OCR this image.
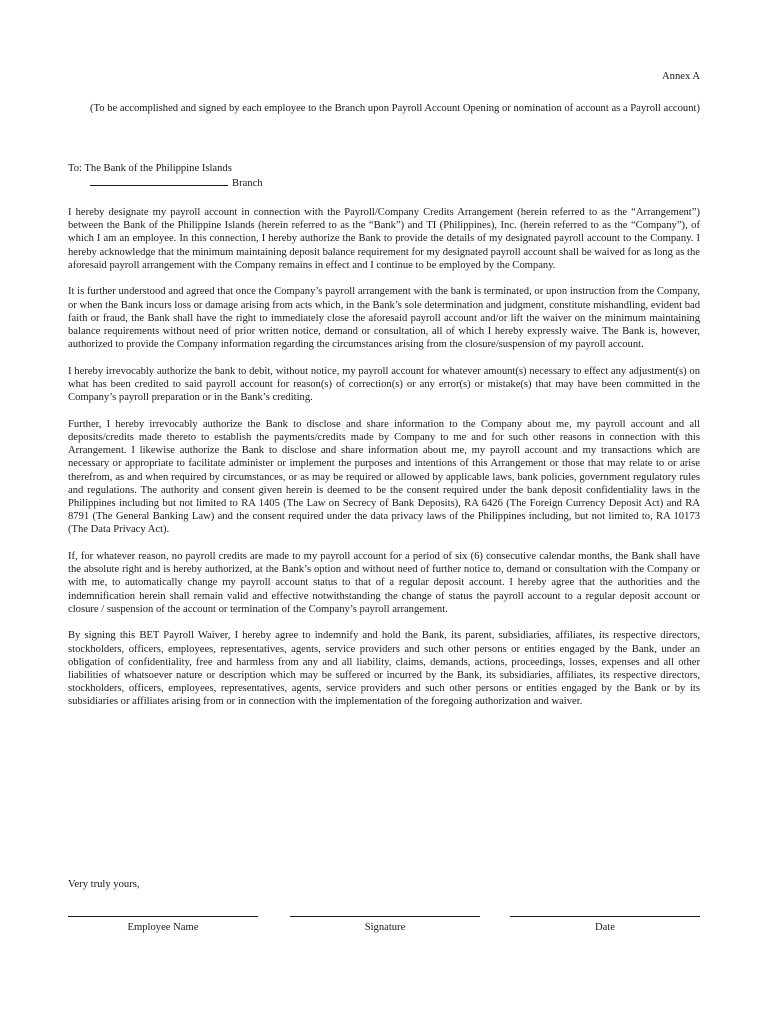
Annex A
(To be accomplished and signed by each employee to the Branch upon Payroll Account Opening or nomination of account as a Payroll account)
To: The Bank of the Philippine Islands
Branch

I hereby designate my payroll account in connection with the Payroll/Company Credits Arrangement (herein referred to as the “Arrangement”) between the Bank of the Philippine Islands (herein referred to as the “Bank”) and TI (Philippines), Inc. (herein referred to as the “Company”), of which I am an employee. In this connection, I hereby authorize the Bank to provide the details of my designated payroll account to the Company. I hereby acknowledge that the minimum maintaining deposit balance requirement for my designated payroll account shall be waived for as long as the aforesaid payroll arrangement with the Company remains in effect and I continue to be employed by the Company.

It is further understood and agreed that once the Company’s payroll arrangement with the bank is terminated, or upon instruction from the Company, or when the Bank incurs loss or damage arising from acts which, in the Bank’s sole determination and judgment, constitute mishandling, evident bad faith or fraud, the Bank shall have the right to immediately close the aforesaid payroll account and/or lift the waiver on the minimum maintaining balance requirements without need of prior written notice, demand or consultation, all of which I hereby expressly waive. The Bank is, however, authorized to provide the Company information regarding the circumstances arising from the closure/suspension of my payroll account.

I hereby irrevocably authorize the bank to debit, without notice, my payroll account for whatever amount(s) necessary to effect any adjustment(s) on what has been credited to said payroll account for reason(s) of correction(s) or any error(s) or mistake(s) that may have been committed in the Company’s payroll preparation or in the Bank’s crediting.

Further, I hereby irrevocably authorize the Bank to disclose and share information to the Company about me, my payroll account and all deposits/credits made thereto to establish the payments/credits made by Company to me and for such other reasons in connection with this Arrangement. I likewise authorize the Bank to disclose and share information about me, my payroll account and my transactions which are necessary or appropriate to facilitate administer or implement the purposes and intentions of this Arrangement or those that may relate to or arise therefrom, as and when required by circumstances, or as may be required or allowed by applicable laws, bank policies, government regulatory rules and regulations. The authority and consent given herein is deemed to be the consent required under the bank deposit confidentiality laws in the Philippines including but not limited to RA 1405 (The Law on Secrecy of Bank Deposits), RA 6426 (The Foreign Currency Deposit Act) and RA 8791 (The General Banking Law) and the consent required under the data privacy laws of the Philippines including, but not limited to, RA 10173 (The Data Privacy Act).

If, for whatever reason, no payroll credits are made to my payroll account for a period of six (6) consecutive calendar months, the Bank shall have the absolute right and is hereby authorized, at the Bank’s option and without need of further notice to, demand or consultation with the Company or with me, to automatically change my payroll account status to that of a regular deposit account. I hereby agree that the authorities and the indemnification herein shall remain valid and effective notwithstanding the change of status the payroll account to a regular deposit account or closure / suspension of the account or termination of the Company’s payroll arrangement.

By signing this BET Payroll Waiver, I hereby agree to indemnify and hold the Bank, its parent, subsidiaries, affiliates, its respective directors, stockholders, officers, employees, representatives, agents, service providers and such other persons or entities engaged by the Bank, under an obligation of confidentiality, free and harmless from any and all liability, claims, demands, actions, proceedings, losses, expenses and all other liabilities of whatsoever nature or description which may be suffered or incurred by the Bank, its subsidiaries, affiliates, its respective directors, stockholders, officers, employees, representatives, agents, service providers and such other persons or entities engaged by the Bank or by its subsidiaries or affiliates arising from or in connection with the implementation of the foregoing authorization and waiver.

Very truly yours,
Employee Name	Signature	Date
